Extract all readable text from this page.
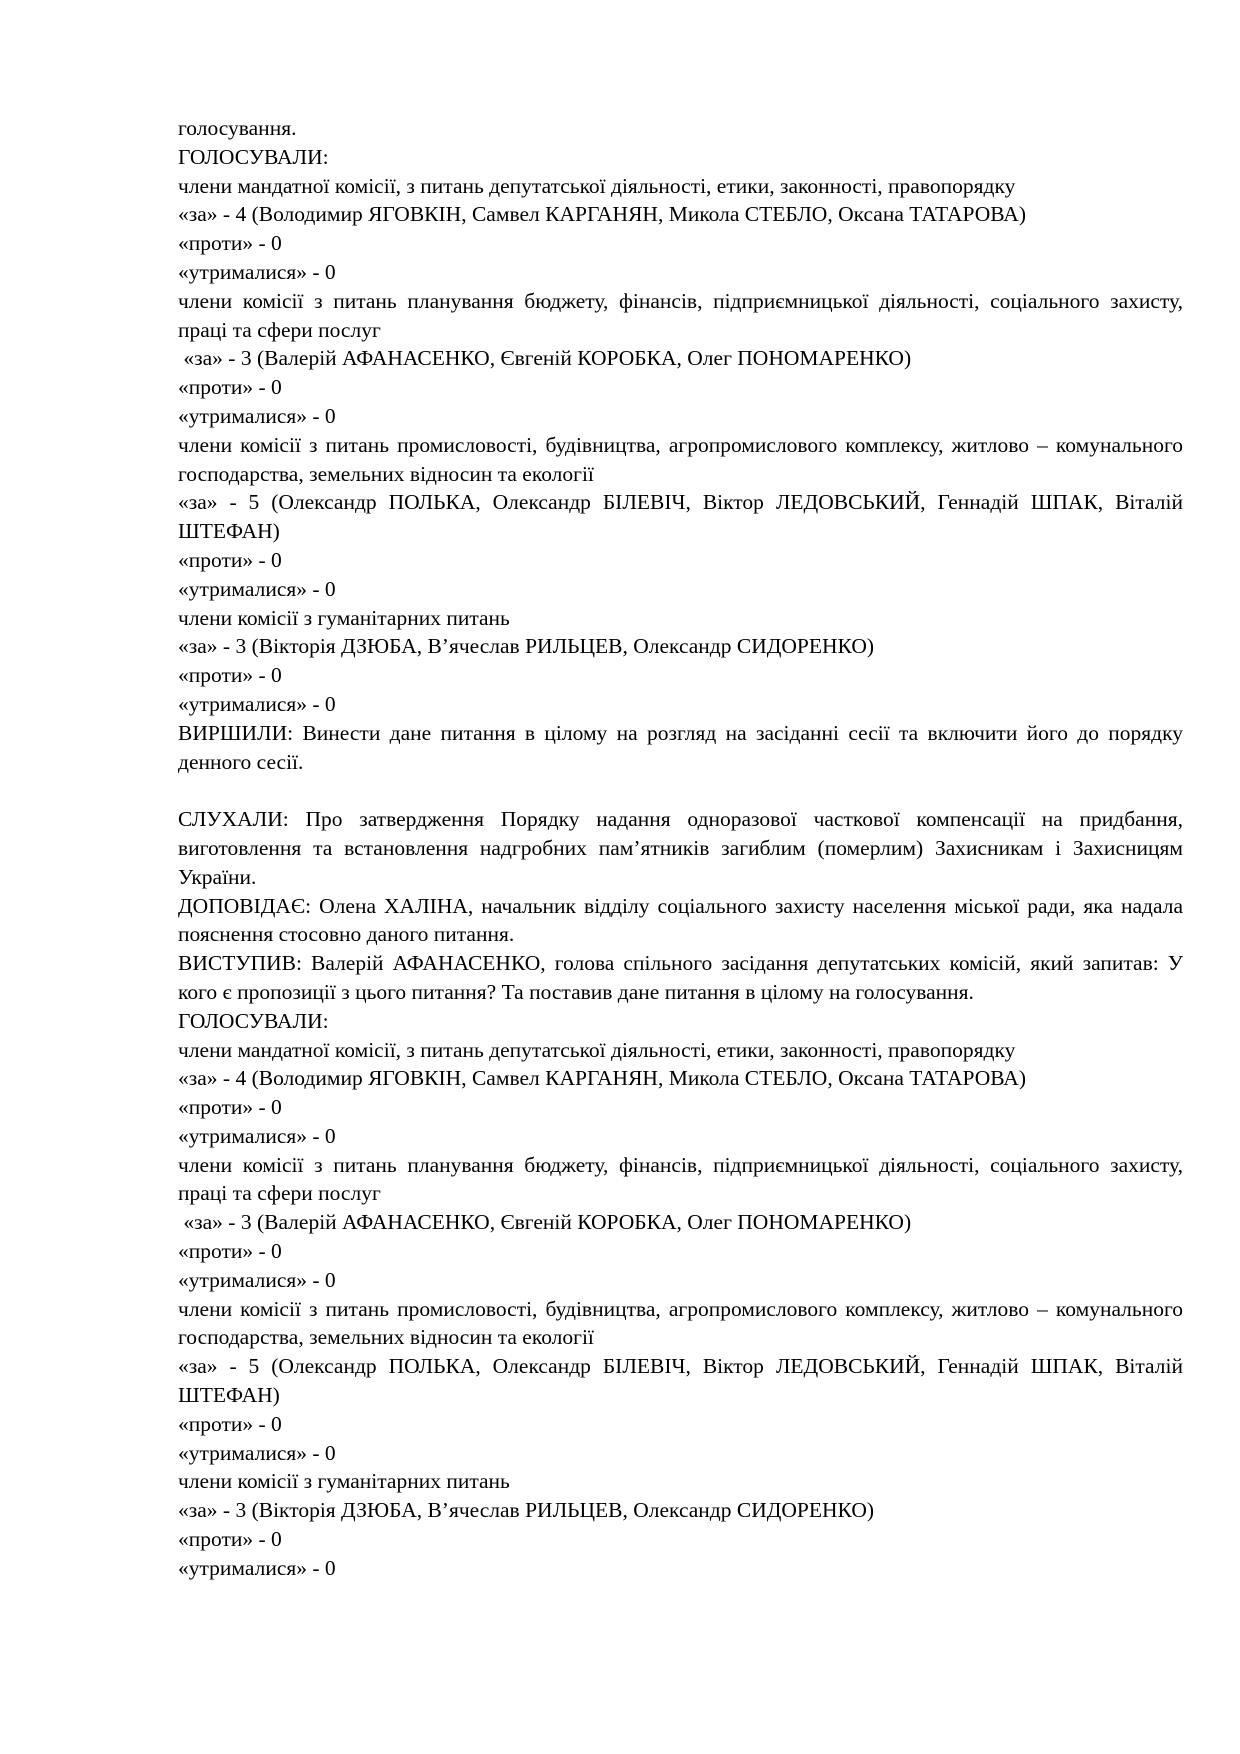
голосування.
ГОЛОСУВАЛИ:
члени мандатної комісії, з питань депутатської діяльності, етики, законності, правопорядку
«за» - 4 (Володимир ЯГОВКІН, Самвел КАРГАНЯН, Микола СТЕБЛО, Оксана ТАТАРОВА)
«проти» - 0
«утрималися» - 0
члени комісії з питань планування бюджету, фінансів, підприємницької діяльності, соціального захисту, праці та сфери послуг
«за» - 3 (Валерій АФАНАСЕНКО, Євгеній КОРОБКА, Олег ПОНОМАРЕНКО)
«проти» - 0
«утрималися» - 0
члени комісії з питань промисловості, будівництва, агропромислового комплексу, житлово – комунального господарства, земельних відносин та екології
«за» - 5 (Олександр ПОЛЬКА, Олександр БІЛЕВІЧ, Віктор ЛЕДОВСЬКИЙ, Геннадій ШПАК, Віталій ШТЕФАН)
«проти» - 0
«утрималися» - 0
члени комісії з гуманітарних питань
«за» - 3 (Вікторія ДЗЮБА, В’ячеслав РИЛЬЦЕВ, Олександр СИДОРЕНКО)
«проти» - 0
«утрималися» - 0
ВИРШИЛИ: Винести дане питання в цілому на розгляд на засіданні сесії та включити його до порядку денного сесії.
СЛУХАЛИ: Про затвердження Порядку надання одноразової часткової компенсації на придбання, виготовлення та встановлення надгробних пам’ятників загиблим (померлим) Захисникам і Захисницям України.
ДОПОВІДАЄ: Олена ХАЛІНА, начальник відділу соціального захисту населення міської ради, яка надала пояснення стосовно даного питання.
ВИСТУПИВ: Валерій АФАНАСЕНКО, голова спільного засідання депутатських комісій, який запитав: У кого є пропозиції з цього питання? Та поставив дане питання в цілому на голосування.
ГОЛОСУВАЛИ:
члени мандатної комісії, з питань депутатської діяльності, етики, законності, правопорядку
«за» - 4 (Володимир ЯГОВКІН, Самвел КАРГАНЯН, Микола СТЕБЛО, Оксана ТАТАРОВА)
«проти» - 0
«утрималися» - 0
члени комісії з питань планування бюджету, фінансів, підприємницької діяльності, соціального захисту, праці та сфери послуг
«за» - 3 (Валерій АФАНАСЕНКО, Євгеній КОРОБКА, Олег ПОНОМАРЕНКО)
«проти» - 0
«утрималися» - 0
члени комісії з питань промисловості, будівництва, агропромислового комплексу, житлово – комунального господарства, земельних відносин та екології
«за» - 5 (Олександр ПОЛЬКА, Олександр БІЛЕВІЧ, Віктор ЛЕДОВСЬКИЙ, Геннадій ШПАК, Віталій ШТЕФАН)
«проти» - 0
«утрималися» - 0
члени комісії з гуманітарних питань
«за» - 3 (Вікторія ДЗЮБА, В’ячеслав РИЛЬЦЕВ, Олександр СИДОРЕНКО)
«проти» - 0
«утрималися» - 0
